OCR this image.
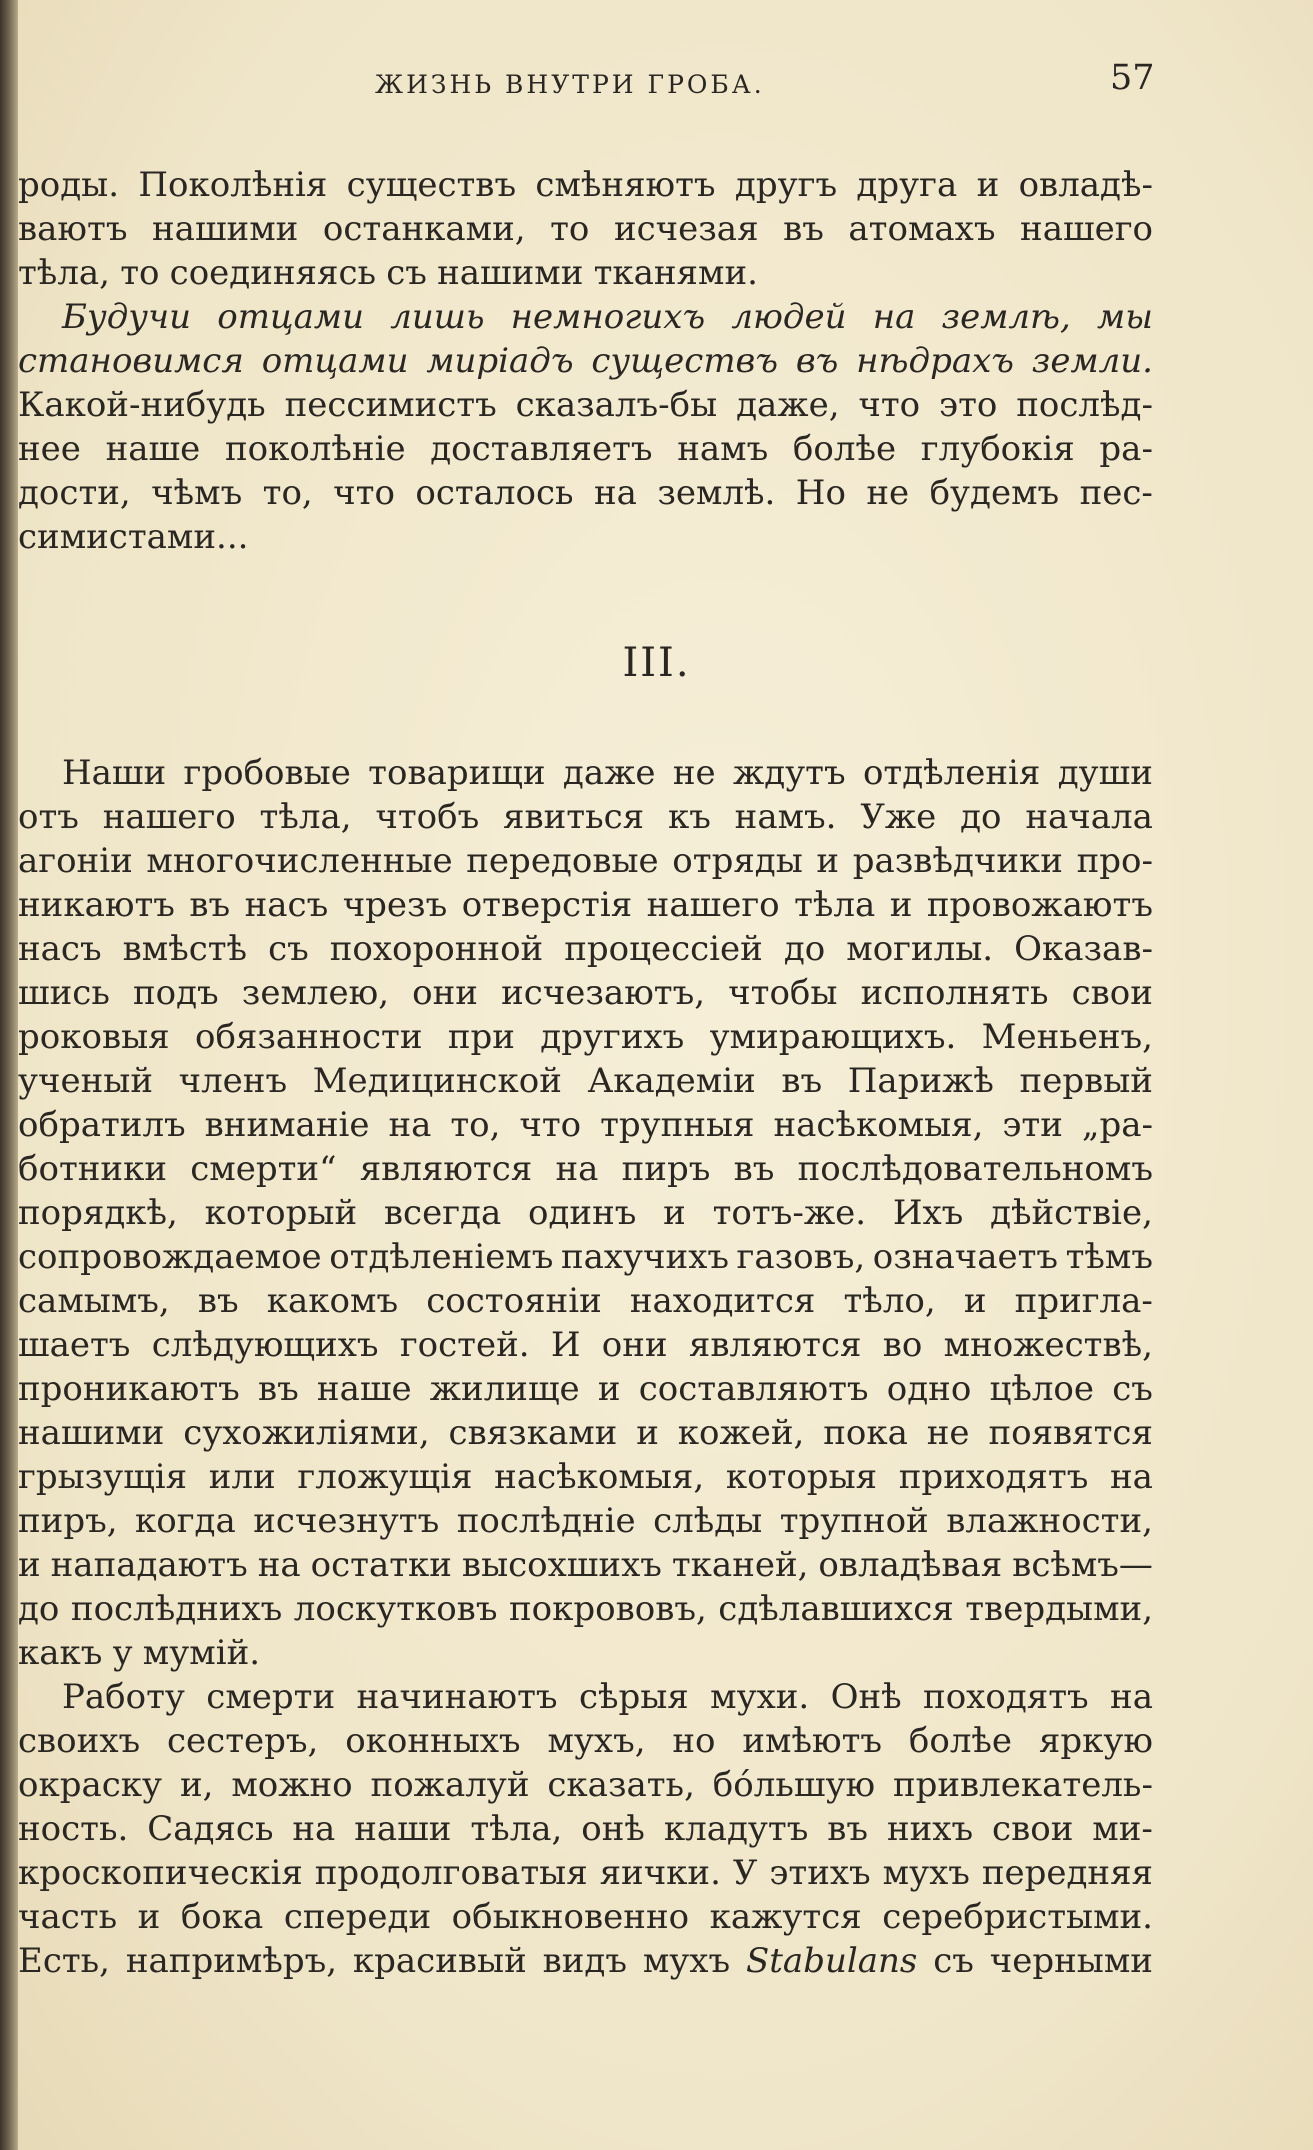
ЖИЗНЬ ВНУТРИ ГРОБА.	57
роды. Поколѣнія существъ смѣняютъ другъ друга и овладѣ-
ваютъ нашими останками, то исчезая въ атомахъ нашего
тѣла, то соединяясь съ нашими тканями.
Будучи отцами лишь немногихъ людей на землѣ, мы
становимся отцами миріадъ существъ въ нѣдрахъ земли.
Какой-нибудь пессимистъ сказалъ-бы даже, что это послѣд-
нее наше поколѣніе доставляетъ намъ болѣе глубокія ра-
дости, чѣмъ то, что осталось на землѣ. Но не будемъ пес-
симистами...
III.
Наши гробовые товарищи даже не ждутъ отдѣленія души
отъ нашего тѣла, чтобъ явиться къ намъ. Уже до начала
агоніи многочисленные передовые отряды и развѣдчики про-
никаютъ въ насъ чрезъ отверстія нашего тѣла и провожаютъ
насъ вмѣстѣ съ похоронной процессіей до могилы. Оказав-
шись подъ землею, они исчезаютъ, чтобы исполнять свои
роковыя обязанности при другихъ умирающихъ. Меньенъ,
ученый членъ Медицинской Академіи въ Парижѣ первый
обратилъ вниманіе на то, что трупныя насѣкомыя, эти „ра-
ботники смерти“ являются на пиръ въ послѣдовательномъ
порядкѣ, который всегда одинъ и тотъ-же. Ихъ дѣйствіе,
сопровождаемое отдѣленіемъ пахучихъ газовъ, означаетъ тѣмъ
самымъ, въ какомъ состояніи находится тѣло, и пригла-
шаетъ слѣдующихъ гостей. И они являются во множествѣ,
проникаютъ въ наше жилище и составляютъ одно цѣлое съ
нашими сухожиліями, связками и кожей, пока не появятся
грызущія или гложущія насѣкомыя, которыя приходятъ на
пиръ, когда исчезнутъ послѣдніе слѣды трупной влажности,
и нападаютъ на остатки высохшихъ тканей, овладѣвая всѣмъ—
до послѣднихъ лоскутковъ покрововъ, сдѣлавшихся твердыми,
какъ у мумій.
Работу смерти начинаютъ сѣрыя мухи. Онѣ походятъ на
своихъ сестеръ, оконныхъ мухъ, но имѣютъ болѣе яркую
окраску и, можно пожалуй сказать, бóльшую привлекатель-
ность. Садясь на наши тѣла, онѣ кладутъ въ нихъ свои ми-
кроскопическія продолговатыя яички. У этихъ мухъ передняя
часть и бока спереди обыкновенно кажутся серебристыми.
Есть, напримѣръ, красивый видъ мухъ Stabulans съ черными
